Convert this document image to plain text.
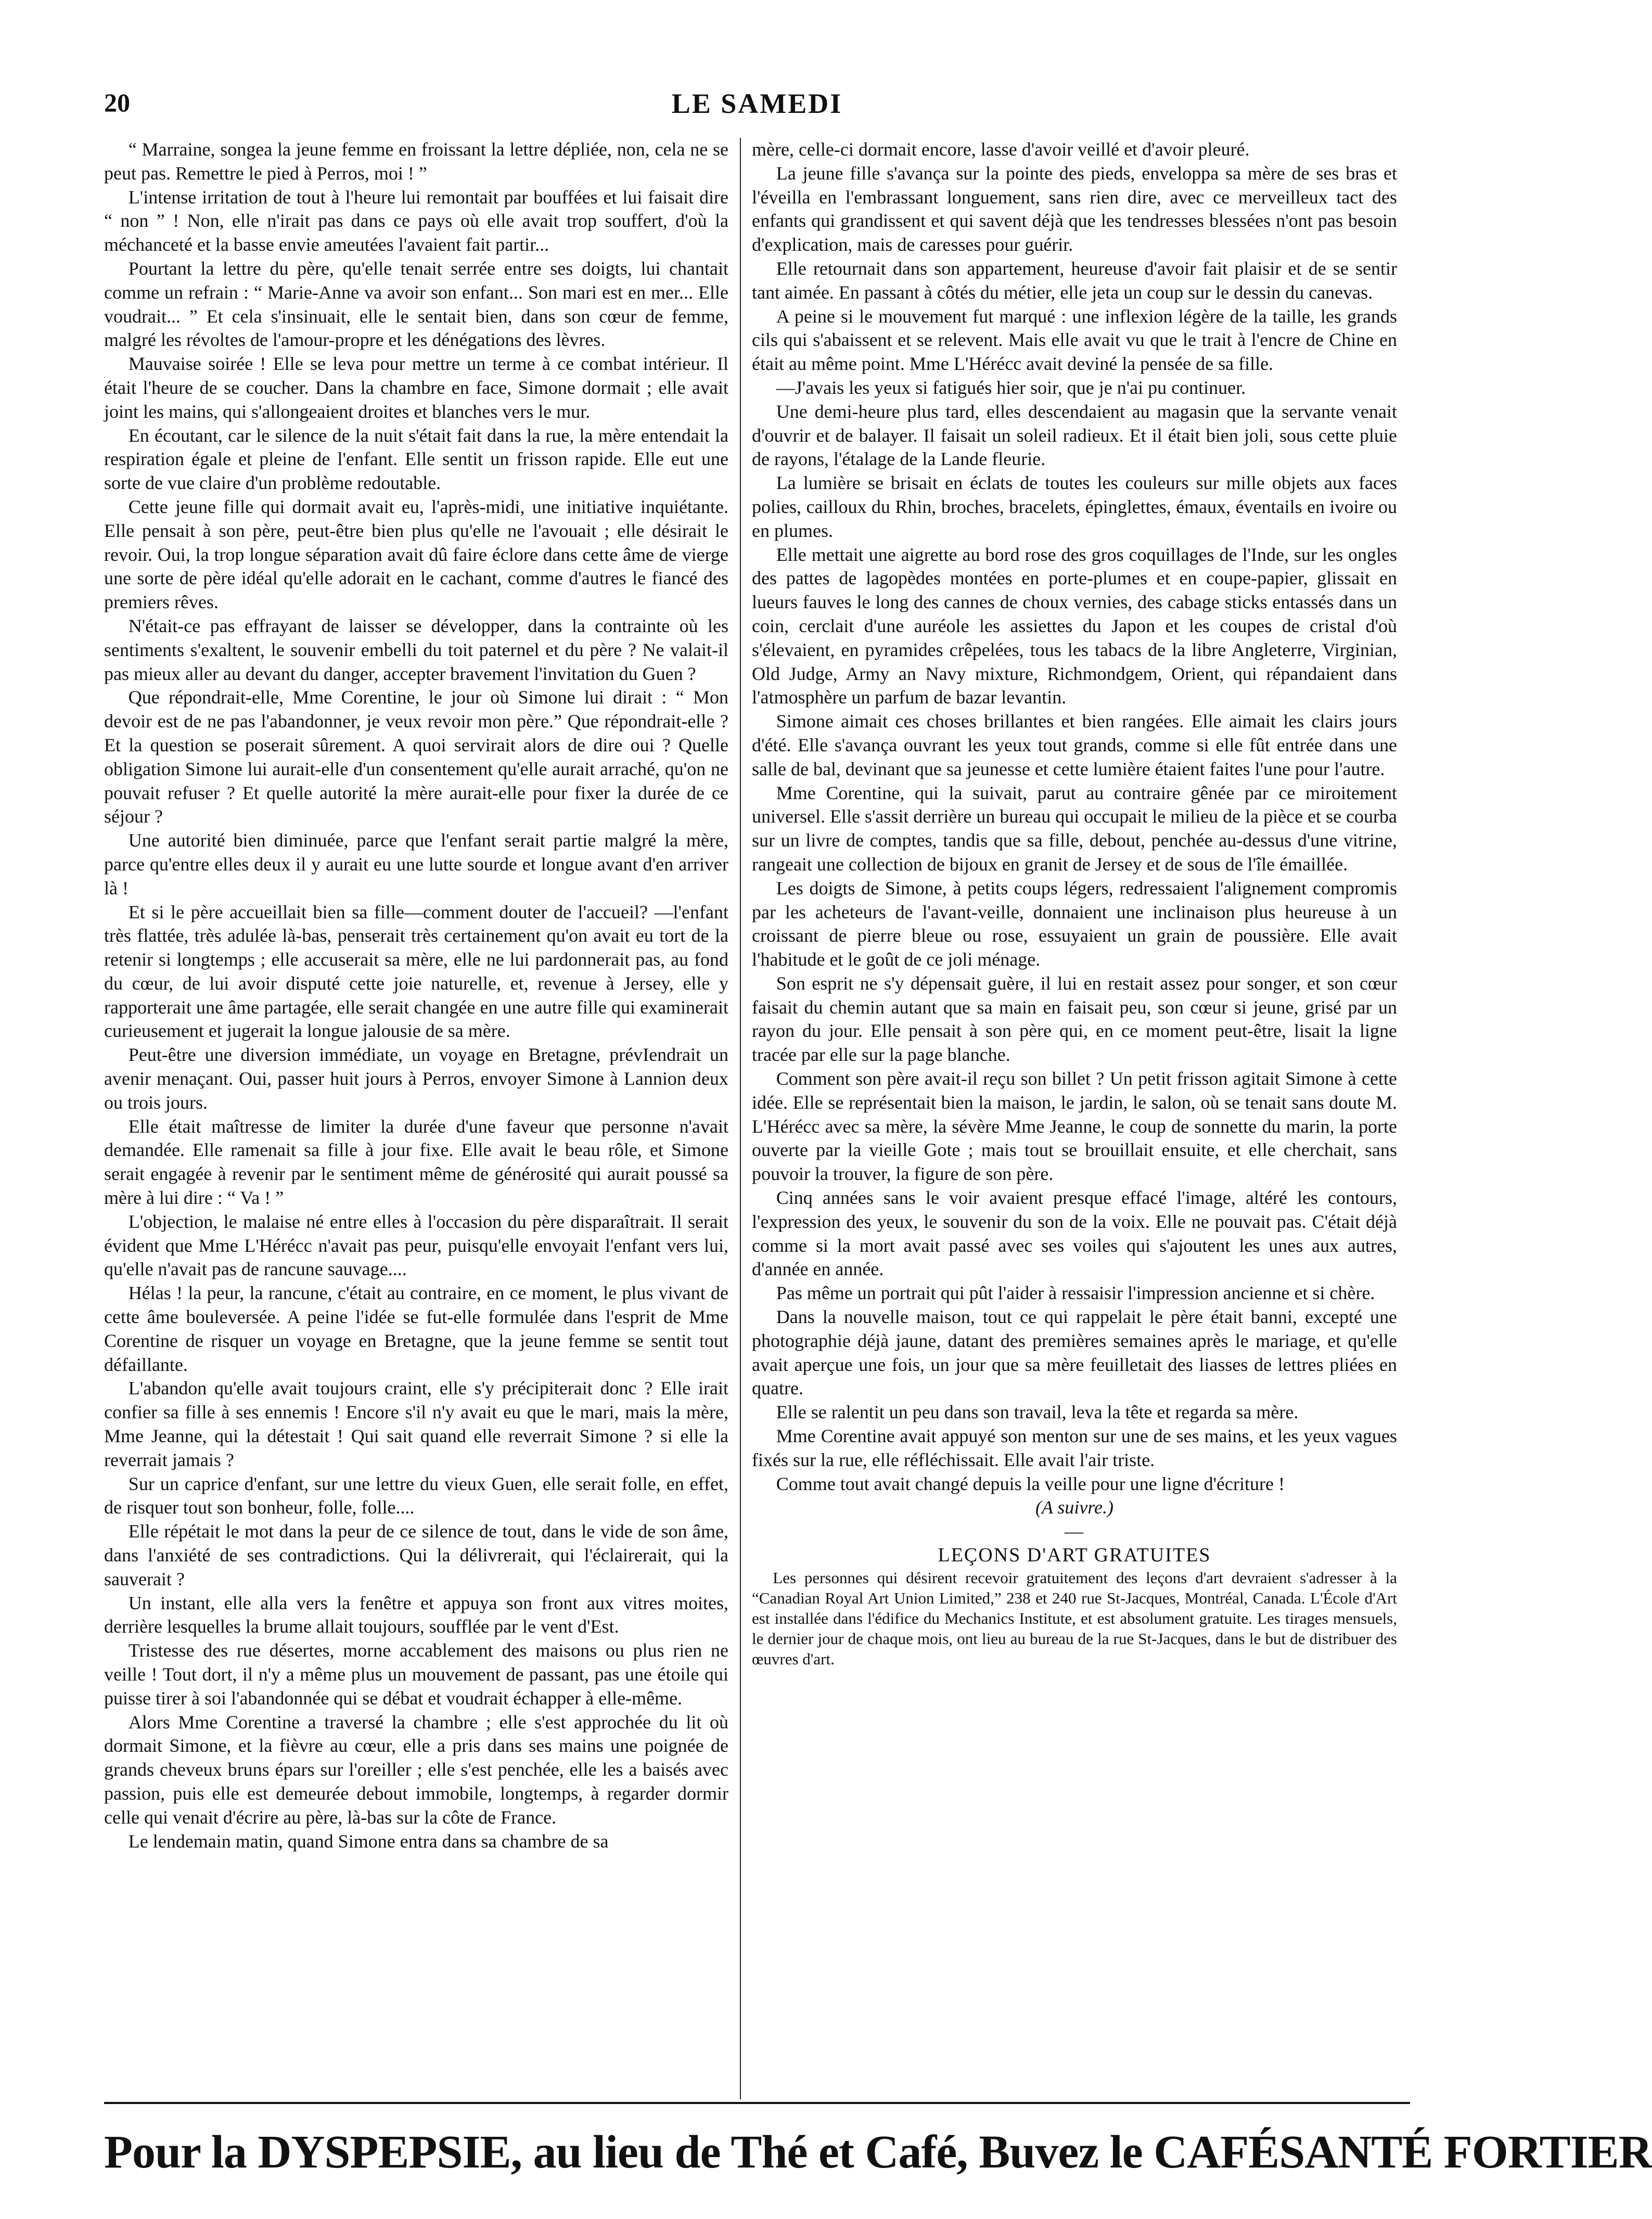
20	LE SAMEDI

“ Marraine, songea la jeune femme en froissant la lettre dépliée, non, cela ne se peut pas. Remettre le pied à Perros, moi ! ”

L'intense irritation de tout à l'heure lui remontait par bouffées et lui faisait dire “ non ” ! Non, elle n'irait pas dans ce pays où elle avait trop souffert, d'où la méchanceté et la basse envie ameutées l'avaient fait partir...

Pourtant la lettre du père, qu'elle tenait serrée entre ses doigts, lui chantait comme un refrain : “ Marie-Anne va avoir son enfant... Son mari est en mer... Elle voudrait... ” Et cela s'insinuait, elle le sentait bien, dans son cœur de femme, malgré les révoltes de l'amour-propre et les dénégations des lèvres.

Mauvaise soirée ! Elle se leva pour mettre un terme à ce combat intérieur. Il était l'heure de se coucher. Dans la chambre en face, Simone dormait ; elle avait joint les mains, qui s'allongeaient droites et blanches vers le mur.

En écoutant, car le silence de la nuit s'était fait dans la rue, la mère entendait la respiration égale et pleine de l'enfant. Elle sentit un frisson rapide. Elle eut une sorte de vue claire d'un problème redoutable.

Cette jeune fille qui dormait avait eu, l'après-midi, une initiative inquiétante. Elle pensait à son père, peut-être bien plus qu'elle ne l'avouait ; elle désirait le revoir. Oui, la trop longue séparation avait dû faire éclore dans cette âme de vierge une sorte de père idéal qu'elle adorait en le cachant, comme d'autres le fiancé des premiers rêves.

N'était-ce pas effrayant de laisser se développer, dans la contrainte où les sentiments s'exaltent, le souvenir embelli du toit paternel et du père ? Ne valait-il pas mieux aller au devant du danger, accepter bravement l'invitation du Guen ?

Que répondrait-elle, Mme Corentine, le jour où Simone lui dirait : “ Mon devoir est de ne pas l'abandonner, je veux revoir mon père.” Que répondrait-elle ? Et la question se poserait sûrement. A quoi servirait alors de dire oui ? Quelle obligation Simone lui aurait-elle d'un consentement qu'elle aurait arraché, qu'on ne pouvait refuser ? Et quelle autorité la mère aurait-elle pour fixer la durée de ce séjour ?

Une autorité bien diminuée, parce que l'enfant serait partie malgré la mère, parce qu'entre elles deux il y aurait eu une lutte sourde et longue avant d'en arriver là !

Et si le père accueillait bien sa fille—comment douter de l'accueil? —l'enfant très flattée, très adulée là-bas, penserait très certainement qu'on avait eu tort de la retenir si longtemps ; elle accuserait sa mère, elle ne lui pardonnerait pas, au fond du cœur, de lui avoir disputé cette joie naturelle, et, revenue à Jersey, elle y rapporterait une âme partagée, elle serait changée en une autre fille qui examinerait curieusement et jugerait la longue jalousie de sa mère.

Peut-être une diversion immédiate, un voyage en Bretagne, prévIendrait un avenir menaçant. Oui, passer huit jours à Perros, envoyer Simone à Lannion deux ou trois jours.

Elle était maîtresse de limiter la durée d'une faveur que personne n'avait demandée. Elle ramenait sa fille à jour fixe. Elle avait le beau rôle, et Simone serait engagée à revenir par le sentiment même de générosité qui aurait poussé sa mère à lui dire : “ Va ! ”

L'objection, le malaise né entre elles à l'occasion du père disparaîtrait. Il serait évident que Mme L'Hérécc n'avait pas peur, puisqu'elle envoyait l'enfant vers lui, qu'elle n'avait pas de rancune sauvage....

Hélas ! la peur, la rancune, c'était au contraire, en ce moment, le plus vivant de cette âme bouleversée. A peine l'idée se fut-elle formulée dans l'esprit de Mme Corentine de risquer un voyage en Bretagne, que la jeune femme se sentit tout défaillante.

L'abandon qu'elle avait toujours craint, elle s'y précipiterait donc ? Elle irait confier sa fille à ses ennemis ! Encore s'il n'y avait eu que le mari, mais la mère, Mme Jeanne, qui la détestait ! Qui sait quand elle reverrait Simone ? si elle la reverrait jamais ?

Sur un caprice d'enfant, sur une lettre du vieux Guen, elle serait folle, en effet, de risquer tout son bonheur, folle, folle....

Elle répétait le mot dans la peur de ce silence de tout, dans le vide de son âme, dans l'anxiété de ses contradictions. Qui la délivrerait, qui l'éclairerait, qui la sauverait ?

Un instant, elle alla vers la fenêtre et appuya son front aux vitres moites, derrière lesquelles la brume allait toujours, soufflée par le vent d'Est.

Tristesse des rue désertes, morne accablement des maisons ou plus rien ne veille ! Tout dort, il n'y a même plus un mouvement de passant, pas une étoile qui puisse tirer à soi l'abandonnée qui se débat et voudrait échapper à elle-même.

Alors Mme Corentine a traversé la chambre ; elle s'est approchée du lit où dormait Simone, et la fièvre au cœur, elle a pris dans ses mains une poignée de grands cheveux bruns épars sur l'oreiller ; elle s'est penchée, elle les a baisés avec passion, puis elle est demeurée debout immobile, longtemps, à regarder dormir celle qui venait d'écrire au père, là-bas sur la côte de France.

Le lendemain matin, quand Simone entra dans sa chambre de sa

mère, celle-ci dormait encore, lasse d'avoir veillé et d'avoir pleuré.

La jeune fille s'avança sur la pointe des pieds, enveloppa sa mère de ses bras et l'éveilla en l'embrassant longuement, sans rien dire, avec ce merveilleux tact des enfants qui grandissent et qui savent déjà que les tendresses blessées n'ont pas besoin d'explication, mais de caresses pour guérir.

Elle retournait dans son appartement, heureuse d'avoir fait plaisir et de se sentir tant aimée. En passant à côtés du métier, elle jeta un coup sur le dessin du canevas.

A peine si le mouvement fut marqué : une inflexion légère de la taille, les grands cils qui s'abaissent et se relevent. Mais elle avait vu que le trait à l'encre de Chine en était au même point. Mme L'Hérécc avait deviné la pensée de sa fille.

—J'avais les yeux si fatigués hier soir, que je n'ai pu continuer.

Une demi-heure plus tard, elles descendaient au magasin que la servante venait d'ouvrir et de balayer. Il faisait un soleil radieux. Et il était bien joli, sous cette pluie de rayons, l'étalage de la Lande fleurie.

La lumière se brisait en éclats de toutes les couleurs sur mille objets aux faces polies, cailloux du Rhin, broches, bracelets, épinglettes, émaux, éventails en ivoire ou en plumes.

Elle mettait une aigrette au bord rose des gros coquillages de l'Inde, sur les ongles des pattes de lagopèdes montées en porte-plumes et en coupe-papier, glissait en lueurs fauves le long des cannes de choux vernies, des cabage sticks entassés dans un coin, cerclait d'une auréole les assiettes du Japon et les coupes de cristal d'où s'élevaient, en pyramides crêpelées, tous les tabacs de la libre Angleterre, Virginian, Old Judge, Army an Navy mixture, Richmondgem, Orient, qui répandaient dans l'atmosphère un parfum de bazar levantin.

Simone aimait ces choses brillantes et bien rangées. Elle aimait les clairs jours d'été. Elle s'avança ouvrant les yeux tout grands, comme si elle fût entrée dans une salle de bal, devinant que sa jeunesse et cette lumière étaient faites l'une pour l'autre.

Mme Corentine, qui la suivait, parut au contraire gênée par ce miroitement universel. Elle s'assit derrière un bureau qui occupait le milieu de la pièce et se courba sur un livre de comptes, tandis que sa fille, debout, penchée au-dessus d'une vitrine, rangeait une collection de bijoux en granit de Jersey et de sous de l'île émaillée.

Les doigts de Simone, à petits coups légers, redressaient l'alignement compromis par les acheteurs de l'avant-veille, donnaient une inclinaison plus heureuse à un croissant de pierre bleue ou rose, essuyaient un grain de poussière. Elle avait l'habitude et le goût de ce joli ménage.

Son esprit ne s'y dépensait guère, il lui en restait assez pour songer, et son cœur faisait du chemin autant que sa main en faisait peu, son cœur si jeune, grisé par un rayon du jour. Elle pensait à son père qui, en ce moment peut-être, lisait la ligne tracée par elle sur la page blanche.

Comment son père avait-il reçu son billet ? Un petit frisson agitait Simone à cette idée. Elle se représentait bien la maison, le jardin, le salon, où se tenait sans doute M. L'Hérécc avec sa mère, la sévère Mme Jeanne, le coup de sonnette du marin, la porte ouverte par la vieille Gote ; mais tout se brouillait ensuite, et elle cherchait, sans pouvoir la trouver, la figure de son père.

Cinq années sans le voir avaient presque effacé l'image, altéré les contours, l'expression des yeux, le souvenir du son de la voix. Elle ne pouvait pas. C'était déjà comme si la mort avait passé avec ses voiles qui s'ajoutent les unes aux autres, d'année en année.

Pas même un portrait qui pût l'aider à ressaisir l'impression ancienne et si chère.

Dans la nouvelle maison, tout ce qui rappelait le père était banni, excepté une photographie déjà jaune, datant des premières semaines après le mariage, et qu'elle avait aperçue une fois, un jour que sa mère feuilletait des liasses de lettres pliées en quatre.

Elle se ralentit un peu dans son travail, leva la tête et regarda sa mère.

Mme Corentine avait appuyé son menton sur une de ses mains, et les yeux vagues fixés sur la rue, elle réfléchissait. Elle avait l'air triste.

Comme tout avait changé depuis la veille pour une ligne d'écriture !

(A suivre.)

—

LEÇONS D'ART GRATUITES

Les personnes qui désirent recevoir gratuitement des leçons d'art devraient s'adresser à la “Canadian Royal Art Union Limited,” 238 et 240 rue St-Jacques, Montréal, Canada. L'École d'Art est installée dans l'édifice du Mechanics Institute, et est absolument gratuite. Les tirages mensuels, le dernier jour de chaque mois, ont lieu au bureau de la rue St-Jacques, dans le but de distribuer des œuvres d'art.

Pour la DYSPEPSIE, au lieu de Thé et Café, Buvez le CAFÉSANTÉ FORTIER
